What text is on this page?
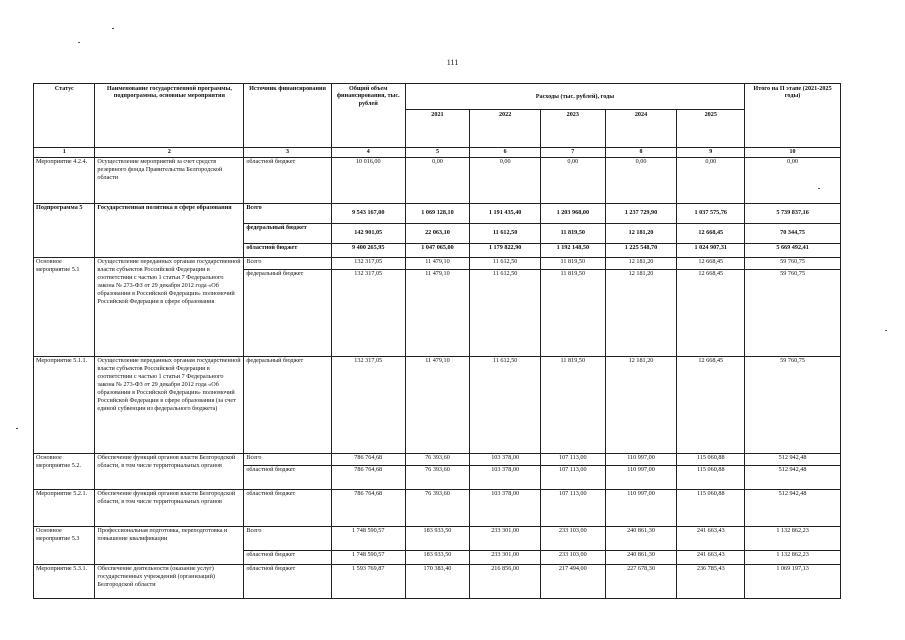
111
Статус	Наименование государственной программы, подпрограммы, основные мероприятия	Источник финансирования	Общий объем финансирования, тыс. рублей	Расходы (тыс. рублей), годы					Итого на II этапе (2021-2025 годы)
				2021	2022	2023	2024	2025	
1	2	3	4	5	6	7	8	9	10
Мероприятие 4.2.4.	Осуществление мероприятий за счет средств резервного фонда Правительства Белгородской области	областной бюджет	10 016,00	0,00	0,00	0,00	0,00	0,00	0,00
Подпрограмма 5	Государственная политика в сфере образования	Всего	9 543 167,00	1 069 128,10	1 191 435,40	1 203 968,00	1 237 729,90	1 037 575,76	5 739 837,16
		федеральный бюджет	142 901,05	22 063,10	11 612,50	11 819,50	12 181,20	12 668,45	70 344,75
		областной бюджет	9 400 265,95	1 047 065,00	1 179 822,90	1 192 148,50	1 225 548,70	1 024 907,31	5 669 492,41
Основное мероприятие 5.1	Осуществление переданных органам государственной власти субъектов Российской Федерации в соответствии с частью 1 статьи 7 Федерального закона № 273-ФЗ от 29 декабря 2012 года «Об образовании в Российской Федерации» полномочий Российской Федерации в сфере образования	Всего	132 317,05	11 479,10	11 612,50	11 819,50	12 181,20	12 668,45	59 760,75
		федеральный бюджет	132 317,05	11 479,10	11 612,50	11 819,50	12 181,20	12 668,45	59 760,75
Мероприятие 5.1.1.	Осуществление переданных органам государственной власти субъектов Российской Федерации в соответствии с частью 1 статьи 7 Федерального закона № 273-ФЗ от 29 декабря 2012 года «Об образовании в Российской Федерации» полномочий Российской Федерации в сфере образования (за счет единой субвенции из федерального бюджета)	федеральный бюджет	132 317,05	11 479,10	11 612,50	11 819,50	12 181,20	12 668,45	59 760,75
Основное мероприятие 5.2.	Обеспечение функций органов власти Белгородской области, в том числе территориальных органов	Всего	786 764,68	76 393,60	103 378,00	107 113,00	110 997,00	115 060,88	512 942,48
		областной бюджет	786 764,68	76 393,60	103 378,00	107 113,00	110 997,00	115 060,88	512 942,48
Мероприятие 5.2.1.	Обеспечение функций органов власти Белгородской области, в том числе территориальных органов	областной бюджет	786 764,68	76 393,60	103 378,00	107 113,00	110 997,00	115 060,88	512 942,48
Основное мероприятие 5.3	Профессиональная подготовка, переподготовка и повышение квалификации	Всего	1 748 590,57	183 933,50	233 301,00	233 103,00	240 861,30	241 663,43	1 132 862,23
		областной бюджет	1 748 590,57	183 933,50	233 301,00	233 103,00	240 861,30	241 663,43	1 132 862,23
Мероприятие 5.3.1.	Обеспечение деятельности (оказание услуг) государственных учреждений (организаций) Белгородской области	областной бюджет	1 593 769,87	170 383,40	216 856,00	217 494,00	227 678,30	236 785,43	1 069 197,13
